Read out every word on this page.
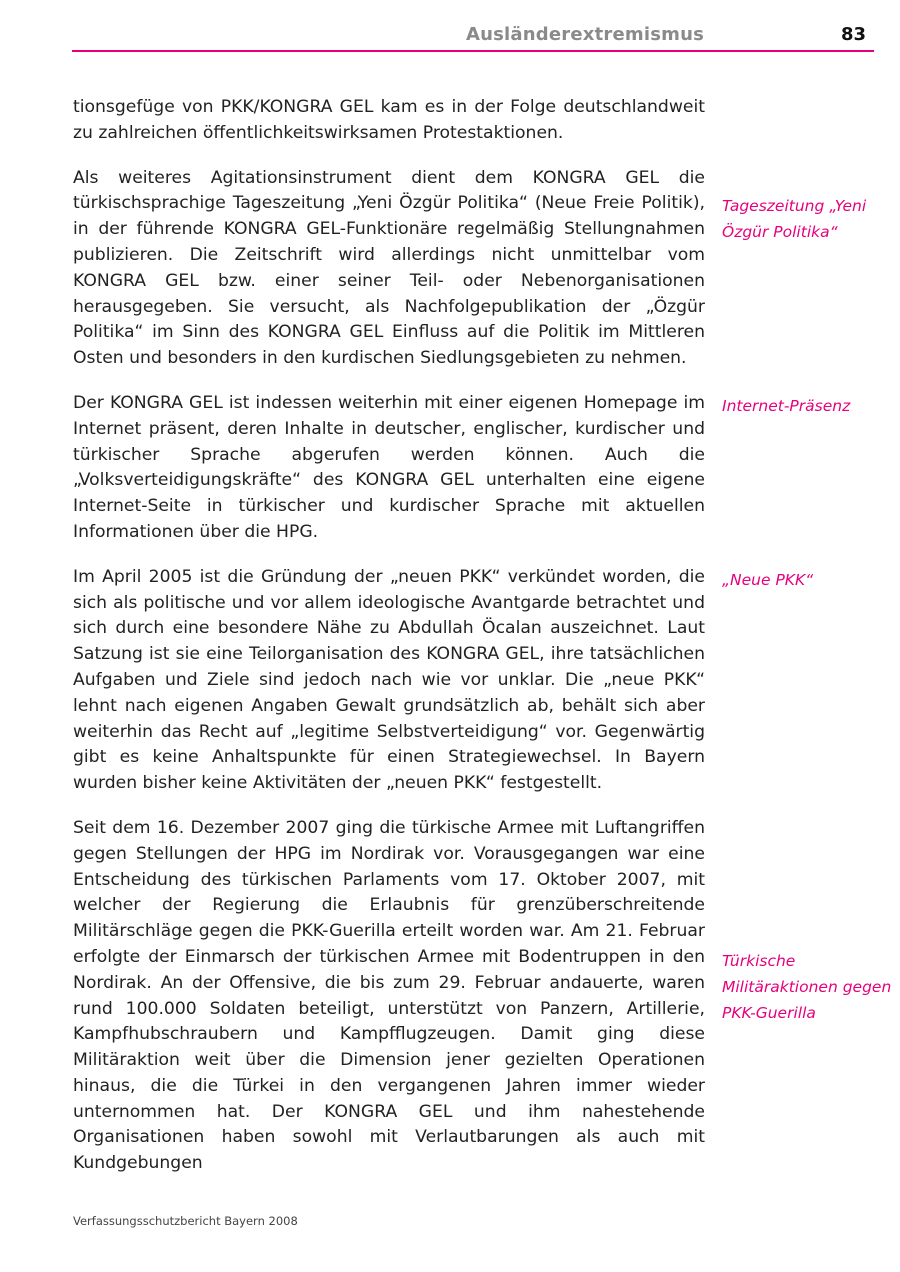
Ausländerextremismus	83

tionsgefüge von PKK/KONGRA GEL kam es in der Folge deutschlandweit zu zahlreichen öffentlichkeitswirksamen Protestaktionen.

Als weiteres Agitationsinstrument dient dem KONGRA GEL die türkischsprachige Tageszeitung „Yeni Özgür Politika“ (Neue Freie Politik), in der führende KONGRA GEL-Funktionäre regelmäßig Stellungnahmen publizieren. Die Zeitschrift wird allerdings nicht unmittelbar vom KONGRA GEL bzw. einer seiner Teil- oder Nebenorganisationen herausgegeben. Sie versucht, als Nachfolgepublikation der „Özgür Politika“ im Sinn des KONGRA GEL Einfluss auf die Politik im Mittleren Osten und besonders in den kurdischen Siedlungsgebieten zu nehmen.

Der KONGRA GEL ist indessen weiterhin mit einer eigenen Homepage im Internet präsent, deren Inhalte in deutscher, englischer, kurdischer und türkischer Sprache abgerufen werden können. Auch die „Volksverteidigungskräfte“ des KONGRA GEL unterhalten eine eigene Internet-Seite in türkischer und kurdischer Sprache mit aktuellen Informationen über die HPG.

Im April 2005 ist die Gründung der „neuen PKK“ verkündet worden, die sich als politische und vor allem ideologische Avantgarde betrachtet und sich durch eine besondere Nähe zu Abdullah Öcalan auszeichnet. Laut Satzung ist sie eine Teilorganisation des KONGRA GEL, ihre tatsächlichen Aufgaben und Ziele sind jedoch nach wie vor unklar. Die „neue PKK“ lehnt nach eigenen Angaben Gewalt grundsätzlich ab, behält sich aber weiterhin das Recht auf „legitime Selbstverteidigung“ vor. Gegenwärtig gibt es keine Anhaltspunkte für einen Strategiewechsel. In Bayern wurden bisher keine Aktivitäten der „neuen PKK“ festgestellt.

Seit dem 16. Dezember 2007 ging die türkische Armee mit Luftangriffen gegen Stellungen der HPG im Nordirak vor. Vorausgegangen war eine Entscheidung des türkischen Parlaments vom 17. Oktober 2007, mit welcher der Regierung die Erlaubnis für grenzüberschreitende Militärschläge gegen die PKK-Guerilla erteilt worden war. Am 21. Februar erfolgte der Einmarsch der türkischen Armee mit Bodentruppen in den Nordirak. An der Offensive, die bis zum 29. Februar andauerte, waren rund 100.000 Soldaten beteiligt, unterstützt von Panzern, Artillerie, Kampfhubschraubern und Kampfflugzeugen. Damit ging diese Militäraktion weit über die Dimension jener gezielten Operationen hinaus, die die Türkei in den vergangenen Jahren immer wieder unternommen hat. Der KONGRA GEL und ihm nahestehende Organisationen haben sowohl mit Verlautbarungen als auch mit Kundgebungen

Tageszeitung „Yeni Özgür Politika“
Internet-Präsenz
„Neue PKK“
Türkische Militäraktionen gegen PKK-Guerilla
Verfassungsschutzbericht Bayern 2008
